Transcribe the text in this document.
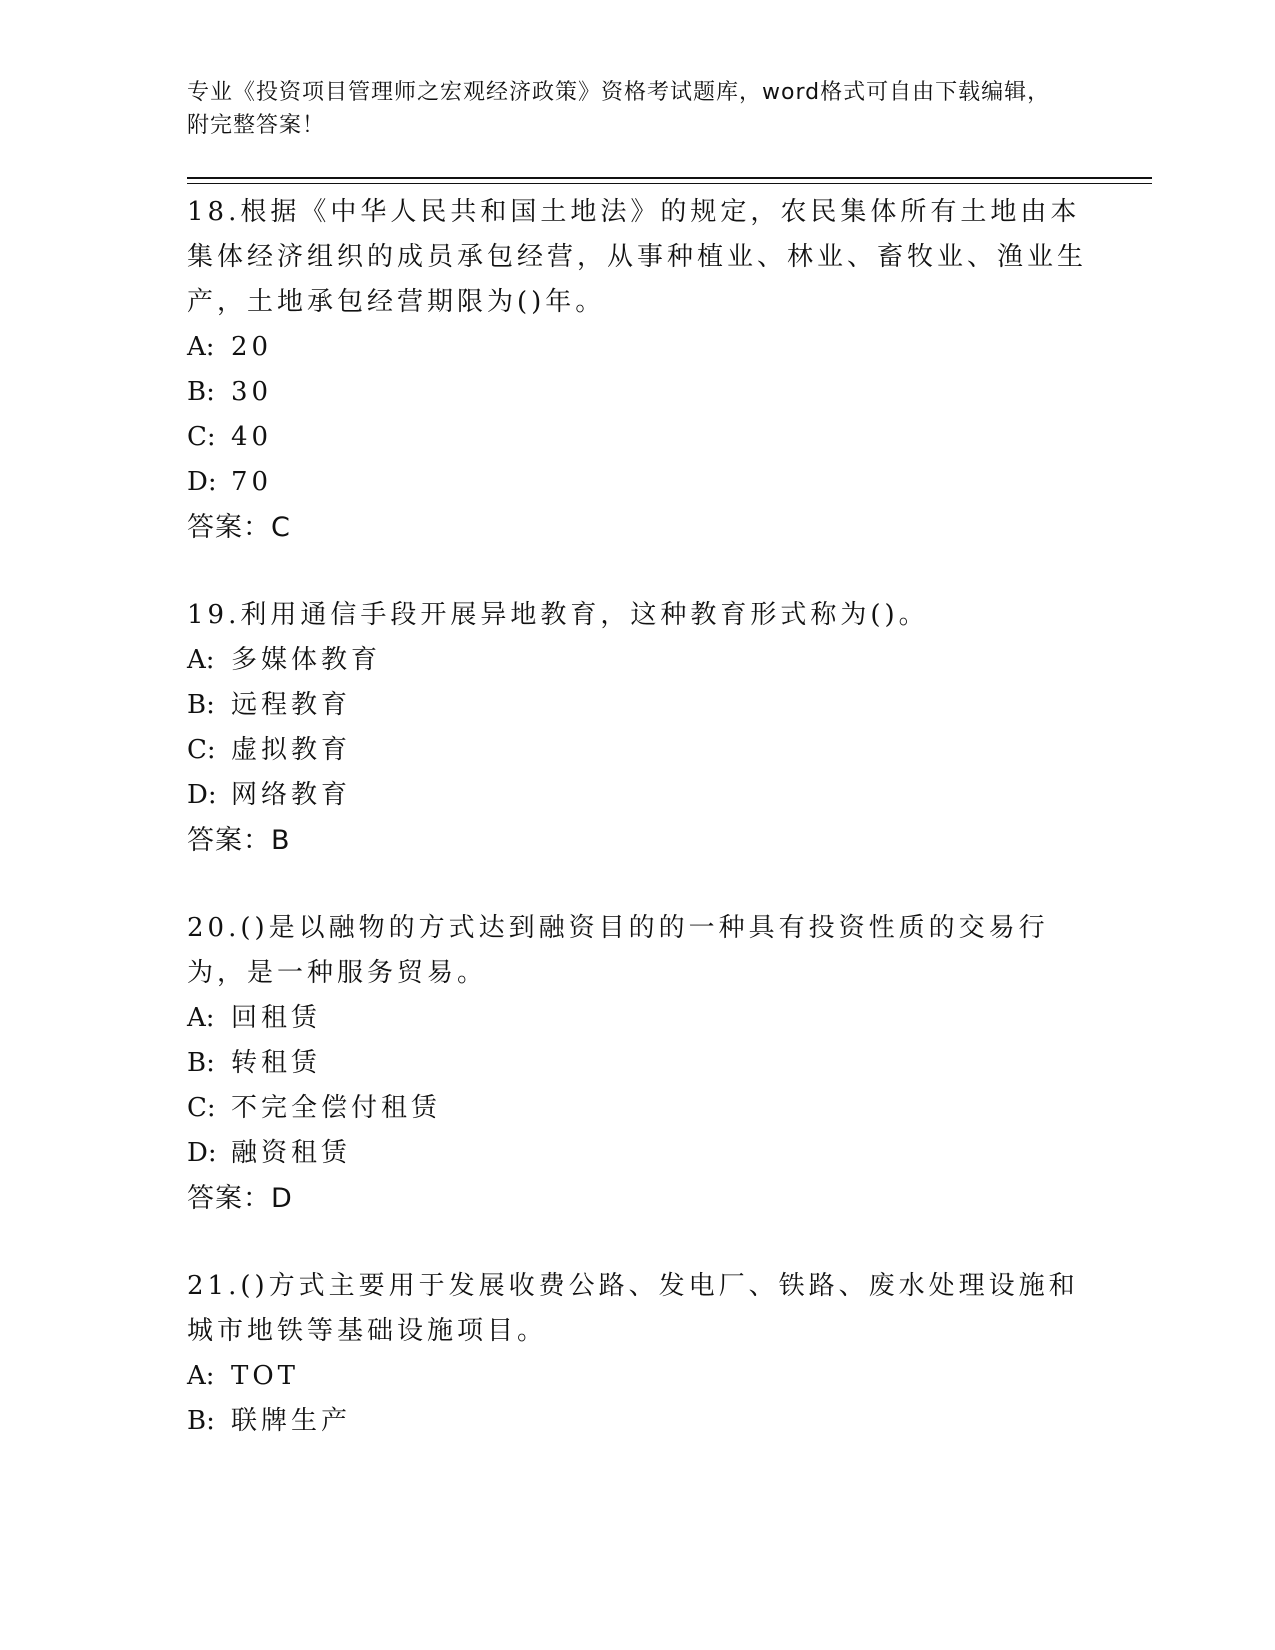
专业《投资项目管理师之宏观经济政策》资格考试题库，word格式可自由下载编辑，附完整答案！

18.根据《中华人民共和国土地法》的规定，农民集体所有土地由本集体经济组织的成员承包经营，从事种植业、林业、畜牧业、渔业生产，土地承包经营期限为()年。

A: 20

B: 30

C: 40

D: 70

答案：C

19.利用通信手段开展异地教育，这种教育形式称为()。

A: 多媒体教育

B: 远程教育

C: 虚拟教育

D: 网络教育

答案：B

20.()是以融物的方式达到融资目的的一种具有投资性质的交易行为，是一种服务贸易。

A: 回租赁

B: 转租赁

C: 不完全偿付租赁

D: 融资租赁

答案：D

21.()方式主要用于发展收费公路、发电厂、铁路、废水处理设施和城市地铁等基础设施项目。

A: TOT

B: 联牌生产
